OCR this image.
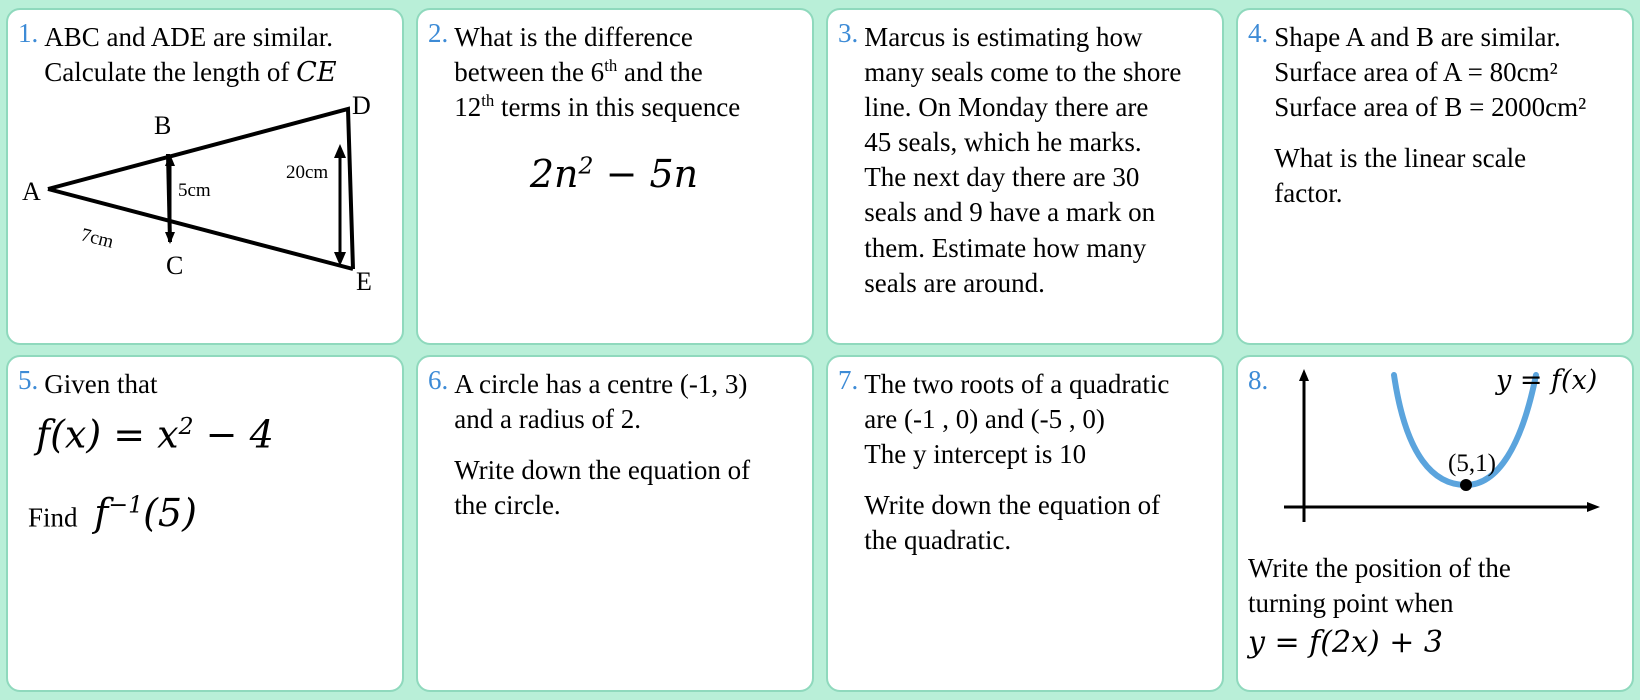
1. ABC and ADE are similar.
Calculate the length of CE
A
B
C
D
E
5cm
20cm
7cm
2. What is the difference
between the 6th and the
12th terms in this sequence
$2n^2 - 5n$
3. Marcus is estimating how
many seals come to the shore
line. On Monday there are
45 seals, which he marks.
The next day there are 30
seals and 9 have a mark on
them. Estimate how many
seals are around.
4. Shape A and B are similar.
Surface area of A = 80cm²
Surface area of B = 2000cm²
What is the linear scale
factor.
5. Given that
$f(x) = x^2 - 4$
Find $f^{-1}(5)$
6. A circle has a centre (-1, 3)
and a radius of 2.
Write down the equation of
the circle.
7. The two roots of a quadratic
are (-1 , 0) and (-5 , 0)
The y intercept is 10
Write down the equation of
the quadratic.
8.
(5,1)
y = f(x)
Write the position of the
turning point when
y = f(2x) + 3
